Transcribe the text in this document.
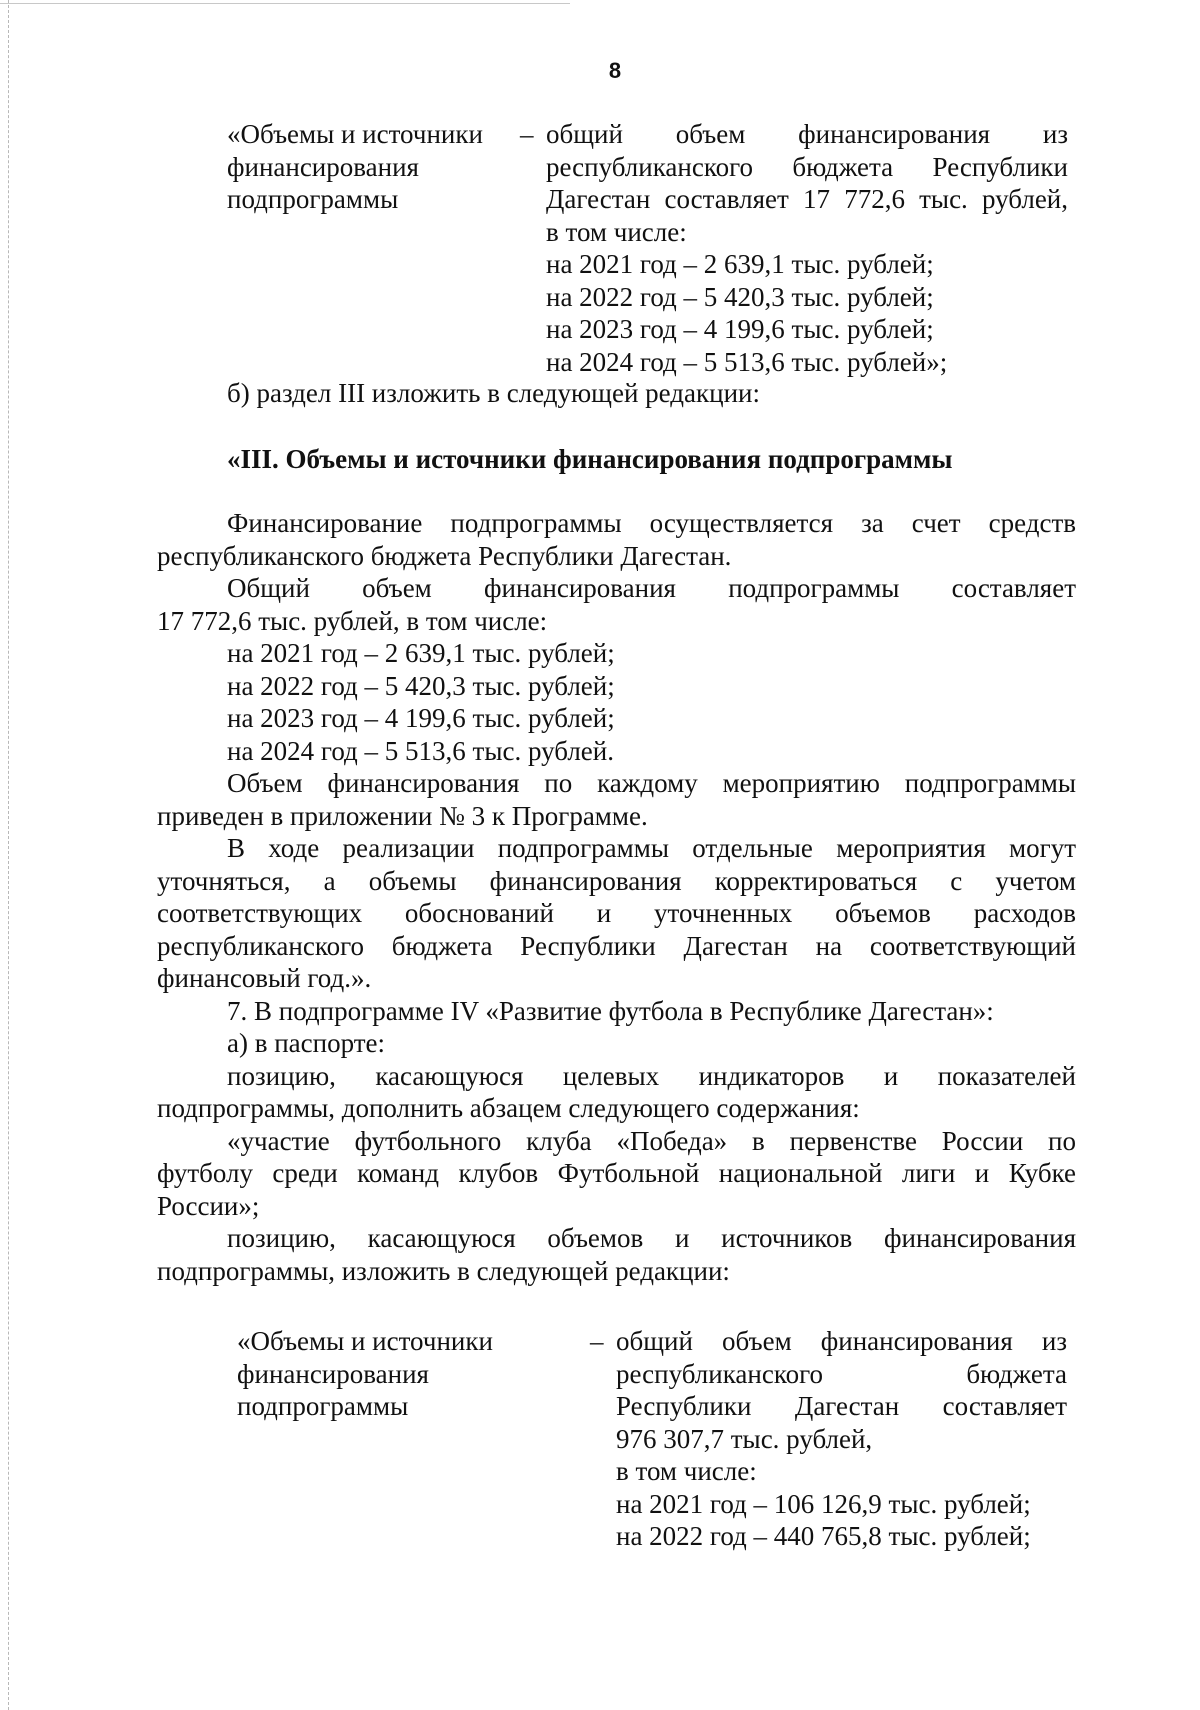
8
«Объемы и источники
финансирования
подпрограммы
– общий объем финансирования из
республиканского бюджета Республики
Дагестан составляет 17 772,6 тыс. рублей,
в том числе:
на 2021 год – 2 639,1 тыс. рублей;
на 2022 год – 5 420,3 тыс. рублей;
на 2023 год – 4 199,6 тыс. рублей;
на 2024 год – 5 513,6 тыс. рублей»;
б) раздел III изложить в следующей редакции:
«III. Объемы и источники финансирования подпрограммы
Финансирование подпрограммы осуществляется за счет средств
республиканского бюджета Республики Дагестан.
Общий объем финансирования подпрограммы составляет
17 772,6 тыс. рублей, в том числе:
на 2021 год – 2 639,1 тыс. рублей;
на 2022 год – 5 420,3 тыс. рублей;
на 2023 год – 4 199,6 тыс. рублей;
на 2024 год – 5 513,6 тыс. рублей.
Объем финансирования по каждому мероприятию подпрограммы
приведен в приложении № 3 к Программе.
В ходе реализации подпрограммы отдельные мероприятия могут
уточняться, а объемы финансирования корректироваться с учетом
соответствующих обоснований и уточненных объемов расходов
республиканского бюджета Республики Дагестан на соответствующий
финансовый год.».
7. В подпрограмме IV «Развитие футбола в Республике Дагестан»:
а) в паспорте:
позицию, касающуюся целевых индикаторов и показателей
подпрограммы, дополнить абзацем следующего содержания:
«участие футбольного клуба «Победа» в первенстве России по
футболу среди команд клубов Футбольной национальной лиги и Кубке
России»;
позицию, касающуюся объемов и источников финансирования
подпрограммы, изложить в следующей редакции:
«Объемы и источники
финансирования
подпрограммы
– общий объем финансирования из
республиканского бюджета
Республики Дагестан составляет
976 307,7 тыс. рублей,
в том числе:
на 2021 год – 106 126,9 тыс. рублей;
на 2022 год – 440 765,8 тыс. рублей;
